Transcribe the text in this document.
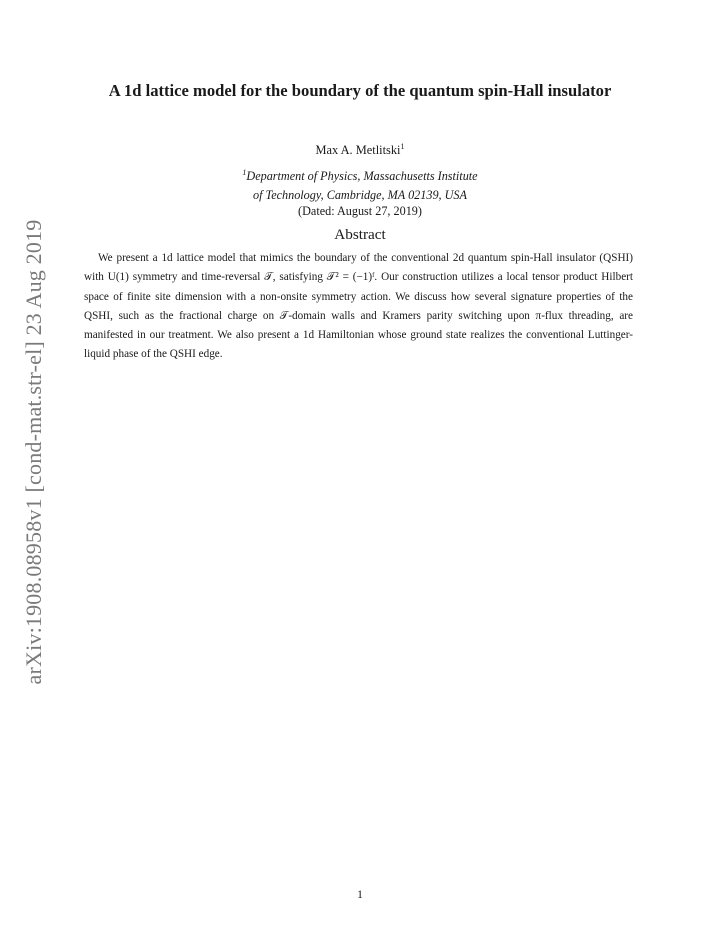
arXiv:1908.08958v1 [cond-mat.str-el] 23 Aug 2019
A 1d lattice model for the boundary of the quantum spin-Hall insulator
Max A. Metlitski$^1$
$^1$Department of Physics, Massachusetts Institute
of Technology, Cambridge, MA 02139, USA
(Dated: August 27, 2019)
Abstract
We present a 1d lattice model that mimics the boundary of the conventional 2d quantum spin-Hall insulator (QSHI) with U(1) symmetry and time-reversal 𝒯, satisfying 𝒯² = (−1)ᶠ. Our construction utilizes a local tensor product Hilbert space of finite site dimension with a non-onsite symmetry action. We discuss how several signature properties of the QSHI, such as the fractional charge on 𝒯-domain walls and Kramers parity switching upon π-flux threading, are manifested in our treatment. We also present a 1d Hamiltonian whose ground state realizes the conventional Luttinger-liquid phase of the QSHI edge.
1
